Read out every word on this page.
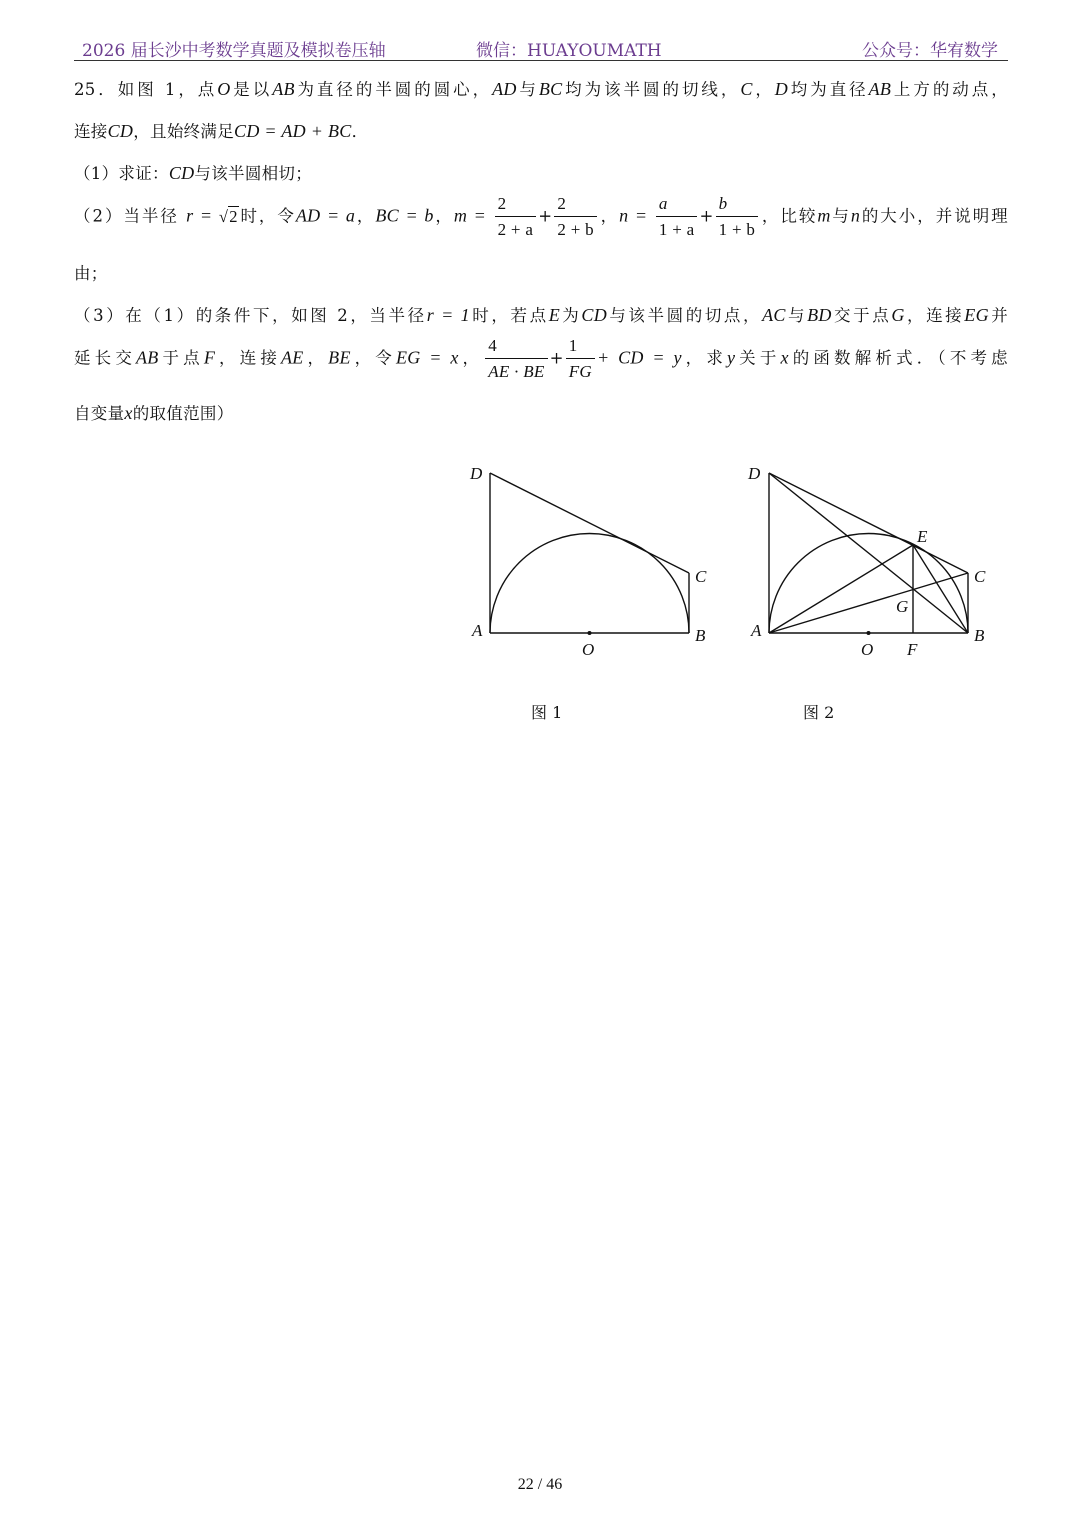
2026 届长沙中考数学真题及模拟卷压轴	微信：HUAYOUMATH	公众号：华宥数学
25．如图 1，点O是以AB为直径的半圆的圆心，AD与BC均为该半圆的切线，C，D均为直径AB上方的动点，
连接CD，且始终满足CD = AD + BC．
（1）求证：CD与该半圆相切；
（2）当半径 r = √2时，令AD = a，BC = b，$m = \frac{2}{2 + a} + \frac{2}{2 + b}$ ，$n = \frac{a}{1 + a} + \frac{b}{1 + b}$ ，比较m与n的大小，并说明理
由；
（3）在（1）的条件下，如图 2，当半径r = 1时，若点E为CD与该半圆的切点，AC与BD交于点G，连接EG并
延长交AB于点F，连接AE，BE，令EG = x， $\frac{4}{AE \cdot BE} + \frac{1}{FG}$ + CD = y，求y关于x的函数解析式．（不考虑
自变量x的取值范围）
D
C
A	B
O
D
E
C
G
A	B
O F
图 1	图 2
22 / 46
